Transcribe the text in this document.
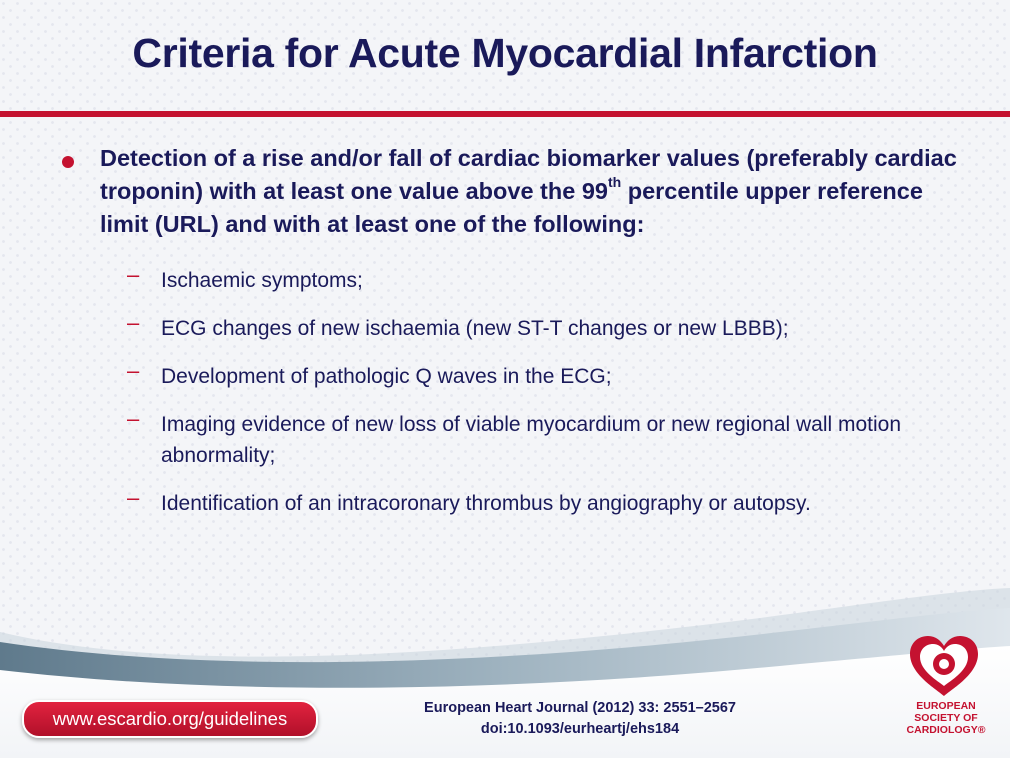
Criteria for Acute Myocardial Infarction
Detection of a rise and/or fall of cardiac biomarker values (preferably cardiac troponin) with at least one value above the 99th percentile upper reference limit (URL) and with at least one of the following:
– Ischaemic symptoms;
– ECG changes of new ischaemia (new ST-T changes or new LBBB);
– Development of pathologic Q waves in the ECG;
– Imaging evidence of new loss of viable myocardium or new regional wall motion abnormality;
– Identification of an intracoronary thrombus by angiography or autopsy.
www.escardio.org/guidelines	European Heart Journal (2012) 33: 2551–2567
doi:10.1093/eurheartj/ehs184
EUROPEAN
SOCIETY OF
CARDIOLOGY®
